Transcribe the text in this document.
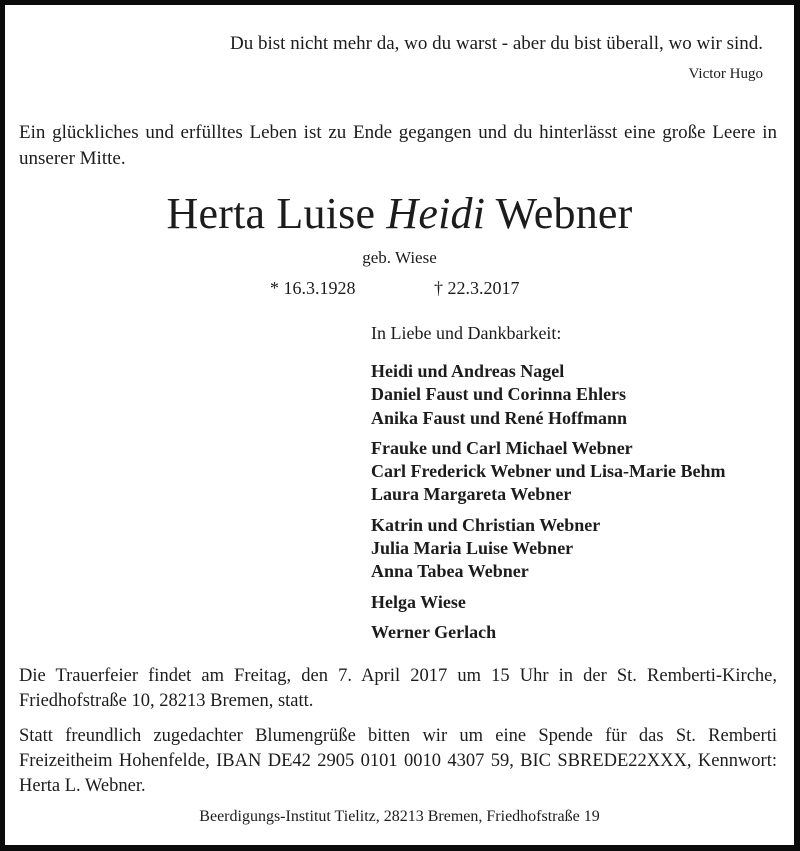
Du bist nicht mehr da, wo du warst - aber du bist überall, wo wir sind.
Victor Hugo
Ein glückliches und erfülltes Leben ist zu Ende gegangen und du hinterlässt eine große Leere in unserer Mitte.
Herta Luise Heidi Webner
geb. Wiese
* 16.3.1928	† 22.3.2017
In Liebe und Dankbarkeit:
Heidi und Andreas Nagel
Daniel Faust und Corinna Ehlers
Anika Faust und René Hoffmann
Frauke und Carl Michael Webner
Carl Frederick Webner und Lisa-Marie Behm
Laura Margareta Webner
Katrin und Christian Webner
Julia Maria Luise Webner
Anna Tabea Webner
Helga Wiese
Werner Gerlach
Die Trauerfeier findet am Freitag, den 7. April 2017 um 15 Uhr in der St. Remberti-Kirche, Friedhofstraße 10, 28213 Bremen, statt.
Statt freundlich zugedachter Blumengrüße bitten wir um eine Spende für das St. Remberti Freizeitheim Hohenfelde, IBAN DE42 2905 0101 0010 4307 59, BIC SBREDE22XXX, Kennwort: Herta L. Webner.
Beerdigungs-Institut Tielitz, 28213 Bremen, Friedhofstraße 19
